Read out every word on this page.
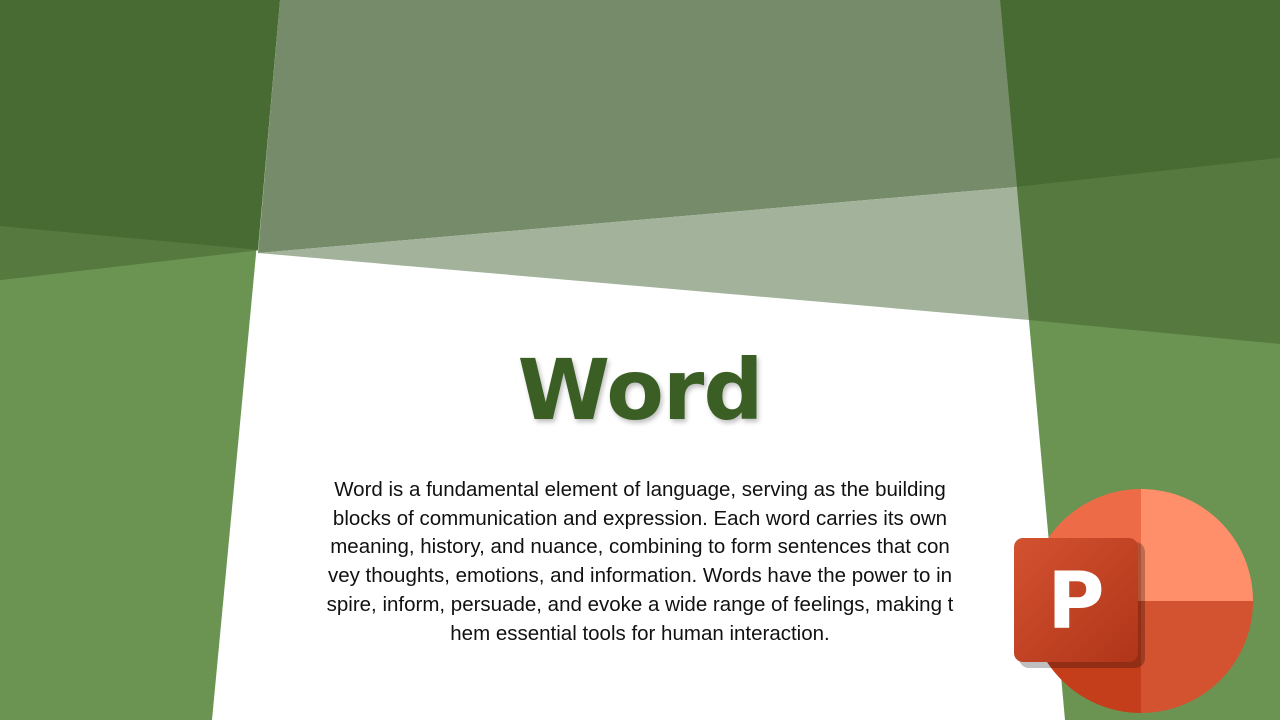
Word
Word is a fundamental element of language, serving as the building blocks of communication and expression. Each word carries its own meaning, history, and nuance, combining to form sentences that convey thoughts, emotions, and information. Words have the power to inspire, inform, persuade, and evoke a wide range of feelings, making them essential tools for human interaction.	P
